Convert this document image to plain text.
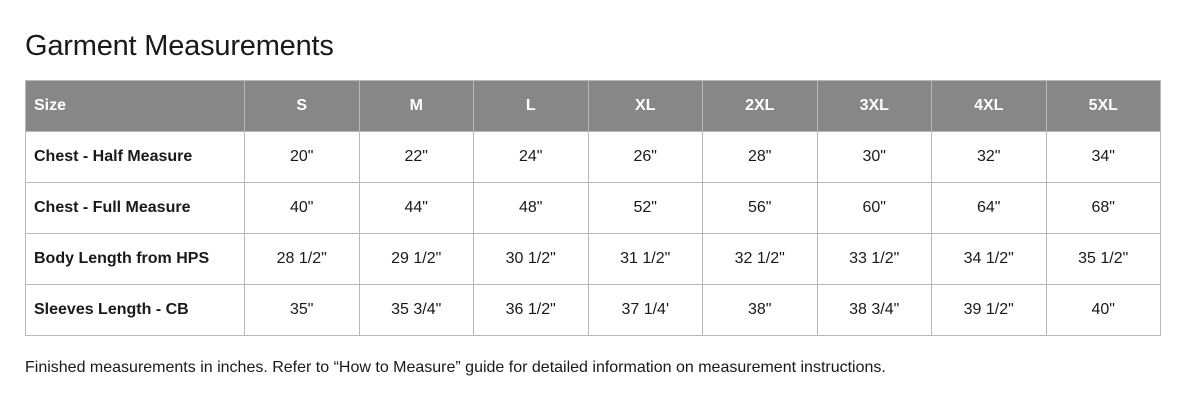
Garment Measurements
Size	S	M	L	XL	2XL	3XL	4XL	5XL
Chest - Half Measure	20"	22"	24"	26"	28"	30"	32"	34"
Chest - Full Measure	40"	44"	48"	52"	56"	60"	64"	68"
Body Length from HPS	28 1/2"	29 1/2"	30 1/2"	31 1/2"	32 1/2"	33 1/2"	34 1/2"	35 1/2"
Sleeves Length - CB	35"	35 3/4"	36 1/2"	37 1/4'	38"	38 3/4"	39 1/2"	40"

Finished measurements in inches. Refer to “How to Measure” guide for detailed information on measurement instructions.
